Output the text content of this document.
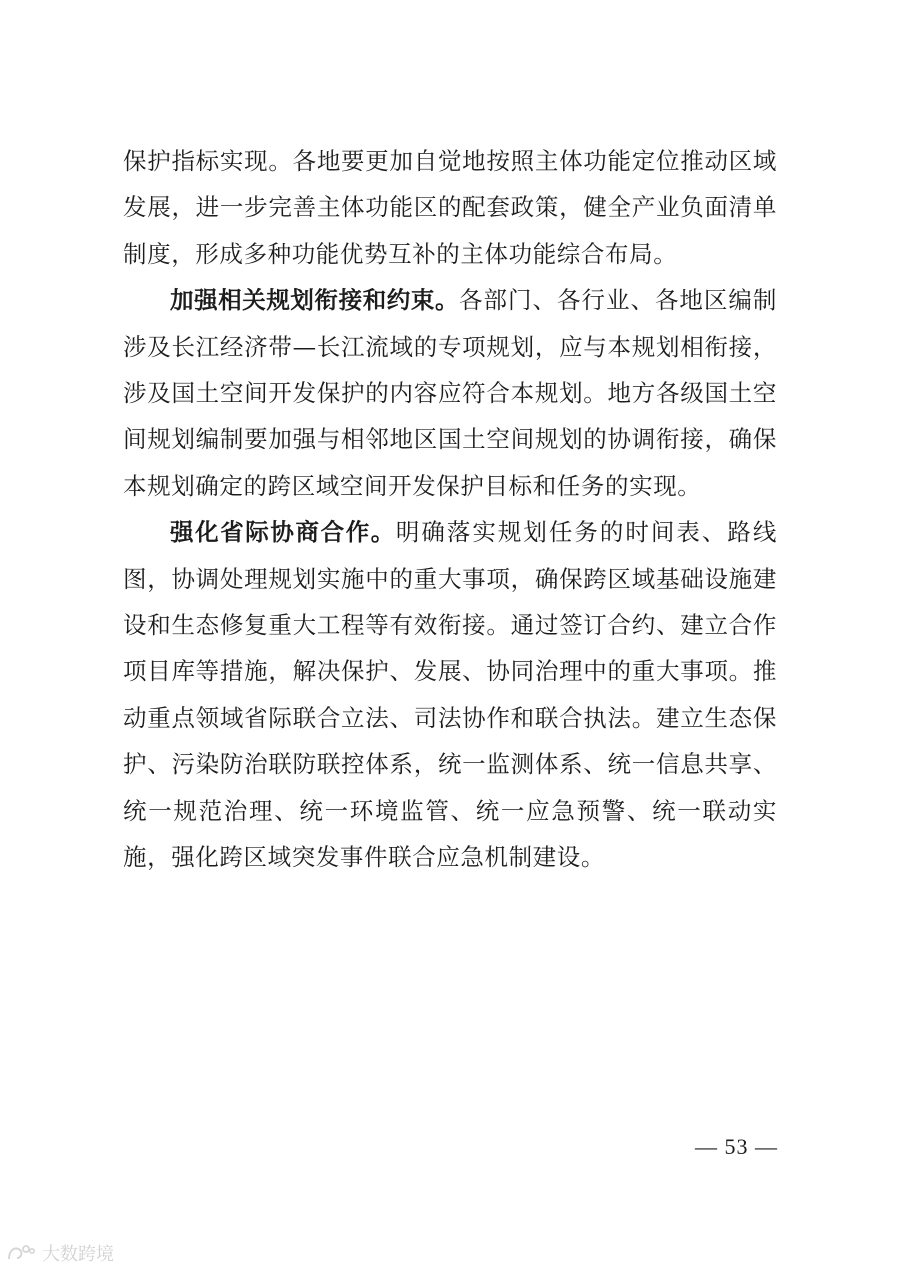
保护指标实现。各地要更加自觉地按照主体功能定位推动区域发展，进一步完善主体功能区的配套政策，健全产业负面清单制度，形成多种功能优势互补的主体功能综合布局。

加强相关规划衔接和约束。各部门、各行业、各地区编制涉及长江经济带—长江流域的专项规划，应与本规划相衔接，涉及国土空间开发保护的内容应符合本规划。地方各级国土空间规划编制要加强与相邻地区国土空间规划的协调衔接，确保本规划确定的跨区域空间开发保护目标和任务的实现。

强化省际协商合作。明确落实规划任务的时间表、路线图，协调处理规划实施中的重大事项，确保跨区域基础设施建设和生态修复重大工程等有效衔接。通过签订合约、建立合作项目库等措施，解决保护、发展、协同治理中的重大事项。推动重点领域省际联合立法、司法协作和联合执法。建立生态保护、污染防治联防联控体系，统一监测体系、统一信息共享、统一规范治理、统一环境监管、统一应急预警、统一联动实施，强化跨区域突发事件联合应急机制建设。

— 53 —
大数跨境
